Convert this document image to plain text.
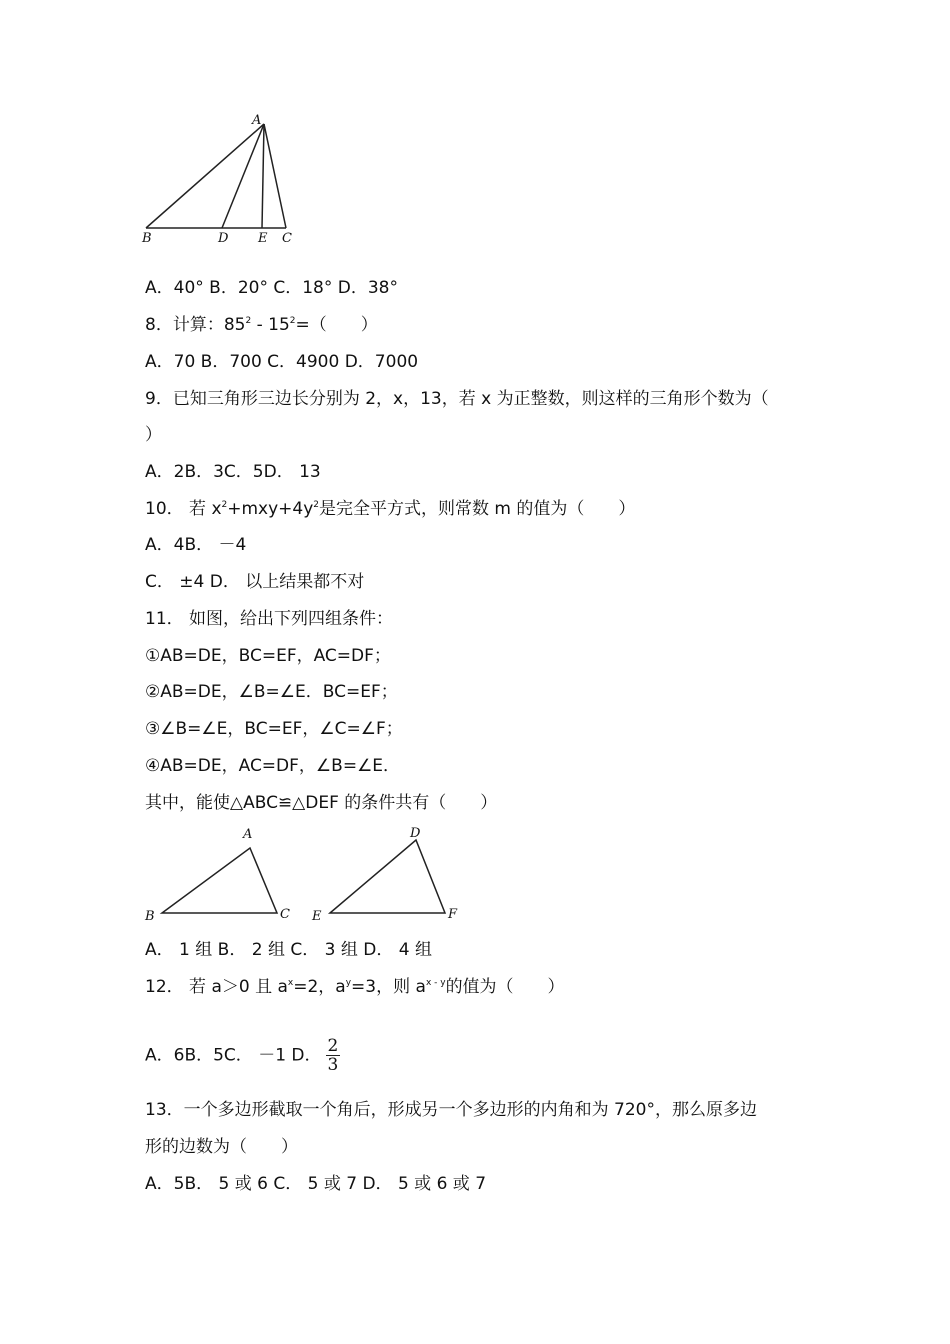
A
B	D E C
A．40° B．20° C．18° D．38°
8．计算：$85^2 - 15^2=$（　　）
A．70 B．700 C．4900 D．7000
9．已知三角形三边长分别为 2，x，13，若 x 为正整数，则这样的三角形个数为（
）
A．2B．3C．5D． 13
10． 若 $x^2+mxy+4y^2$是完全平方式，则常数 m 的值为（　　）
A．4B． －4
C． ±4 D． 以上结果都不对
11． 如图，给出下列四组条件：
①AB=DE，BC=EF，AC=DF；
②AB=DE，∠B=∠E．BC=EF；
③∠B=∠E，BC=EF，∠C=∠F；
④AB=DE，AC=DF，∠B=∠E．
其中，能使△ABC≌△DEF 的条件共有（　　）
A
B	C
D
E	F
A． 1 组 B． 2 组 C． 3 组 D． 4 组
12． 若 a＞0 且 $a^x=2$，$a^y=3$，则 $a^{x - y}$的值为（　　）
A．6B．5C． －1 D． $\frac{2}{3}$
13．一个多边形截取一个角后，形成另一个多边形的内角和为 720°，那么原多边
形的边数为（　　）
A．5B． 5 或 6 C． 5 或 7 D． 5 或 6 或 7
